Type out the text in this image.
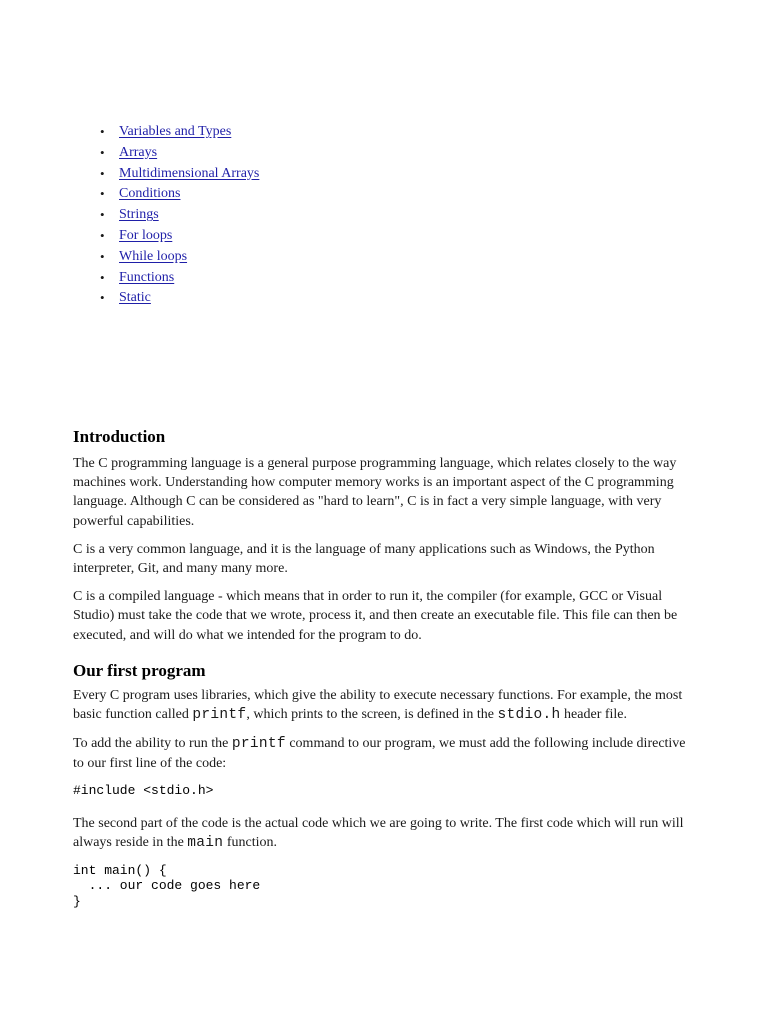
• Variables and Types
• Arrays
• Multidimensional Arrays
• Conditions
• Strings
• For loops
• While loops
• Functions
• Static
Introduction

The C programming language is a general purpose programming language, which relates closely to the way machines work. Understanding how computer memory works is an important aspect of the C programming language. Although C can be considered as "hard to learn", C is in fact a very simple language, with very powerful capabilities.

C is a very common language, and it is the language of many applications such as Windows, the Python interpreter, Git, and many many more.

C is a compiled language - which means that in order to run it, the compiler (for example, GCC or Visual Studio) must take the code that we wrote, process it, and then create an executable file. This file can then be executed, and will do what we intended for the program to do.

Our first program

Every C program uses libraries, which give the ability to execute necessary functions. For example, the most basic function called printf, which prints to the screen, is defined in the stdio.h header file.

To add the ability to run the printf command to our program, we must add the following include directive to our first line of the code:

#include <stdio.h>

The second part of the code is the actual code which we are going to write. The first code which will run will always reside in the main function.

int main() {
... our code goes here
}
